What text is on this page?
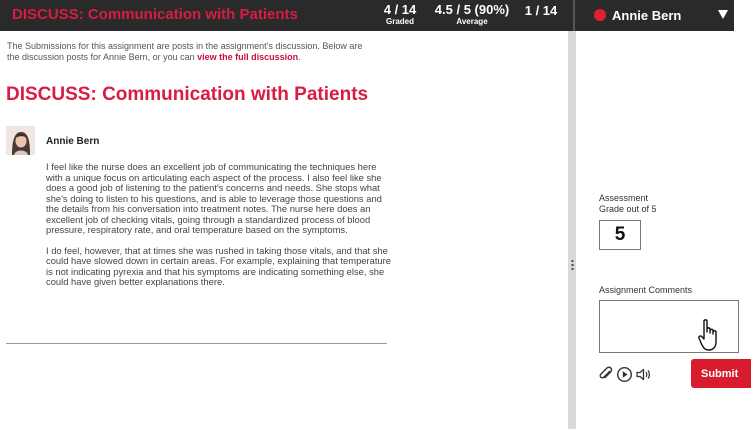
DISCUSS: Communication with Patients	4 / 14
Graded
4.5 / 5 (90%)
Average
1 / 14	Annie Bern
The Submissions for this assignment are posts in the assignment's discussion. Below are the discussion posts for Annie Bern, or you can view the full discussion.
DISCUSS: Communication with Patients
Annie Bern

I feel like the nurse does an excellent job of communicating the techniques here with a unique focus on articulating each aspect of the process. I also feel like she does a good job of listening to the patient's concerns and needs. She stops what she's doing to listen to his questions, and is able to leverage those questions and the details from his conversation into treatment notes. The nurse here does an excellent job of checking vitals, going through a standardized process of blood pressure, respiratory rate, and oral temperature based on the symptoms.

I do feel, however, that at times she was rushed in taking those vitals, and that she could have slowed down in certain areas. For example, explaining that temperature is not indicating pyrexia and that his symptoms are indicating something else, she could have given better explanations there.

Assessment
Grade out of 5
5
Assignment Comments
Submit
